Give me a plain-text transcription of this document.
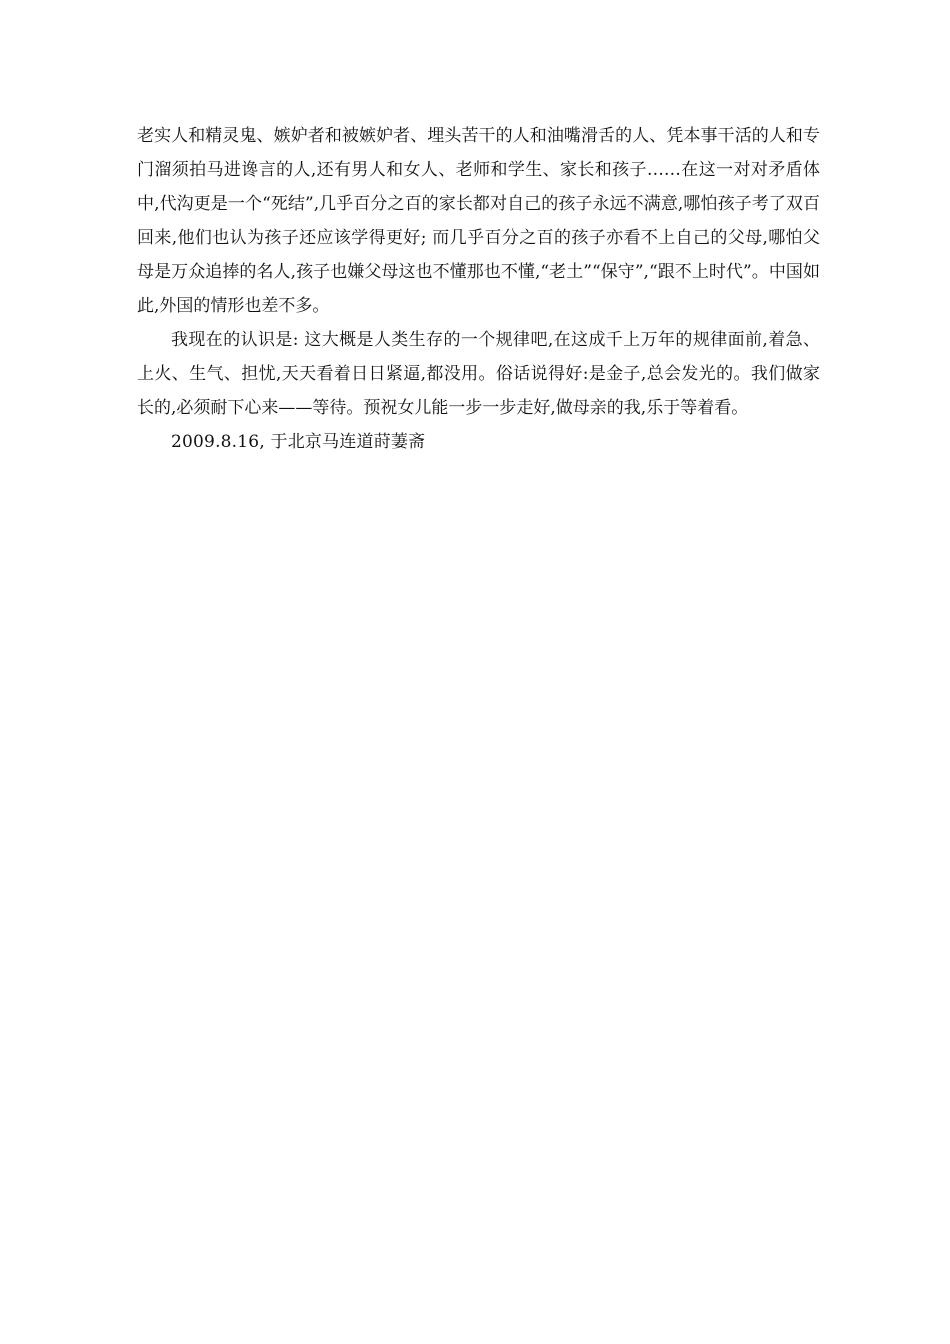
老实人和精灵鬼、嫉妒者和被嫉妒者、埋头苦干的人和油嘴滑舌的人、凭本事干活的人和专门溜须拍马进谗言的人,还有男人和女人、老师和学生、家长和孩子……在这一对对矛盾体中,代沟更是一个“死结”,几乎百分之百的家长都对自己的孩子永远不满意,哪怕孩子考了双百回来,他们也认为孩子还应该学得更好; 而几乎百分之百的孩子亦看不上自己的父母,哪怕父母是万众追捧的名人,孩子也嫌父母这也不懂那也不懂,“老土”“保守”,“跟不上时代”。中国如此,外国的情形也差不多。

我现在的认识是: 这大概是人类生存的一个规律吧,在这成千上万年的规律面前,着急、上火、生气、担忧,天天看着日日紧逼,都没用。俗话说得好:是金子,总会发光的。我们做家长的,必须耐下心来——等待。预祝女儿能一步一步走好,做母亲的我,乐于等着看。

2009.8.16, 于北京马连道莳萋斋
